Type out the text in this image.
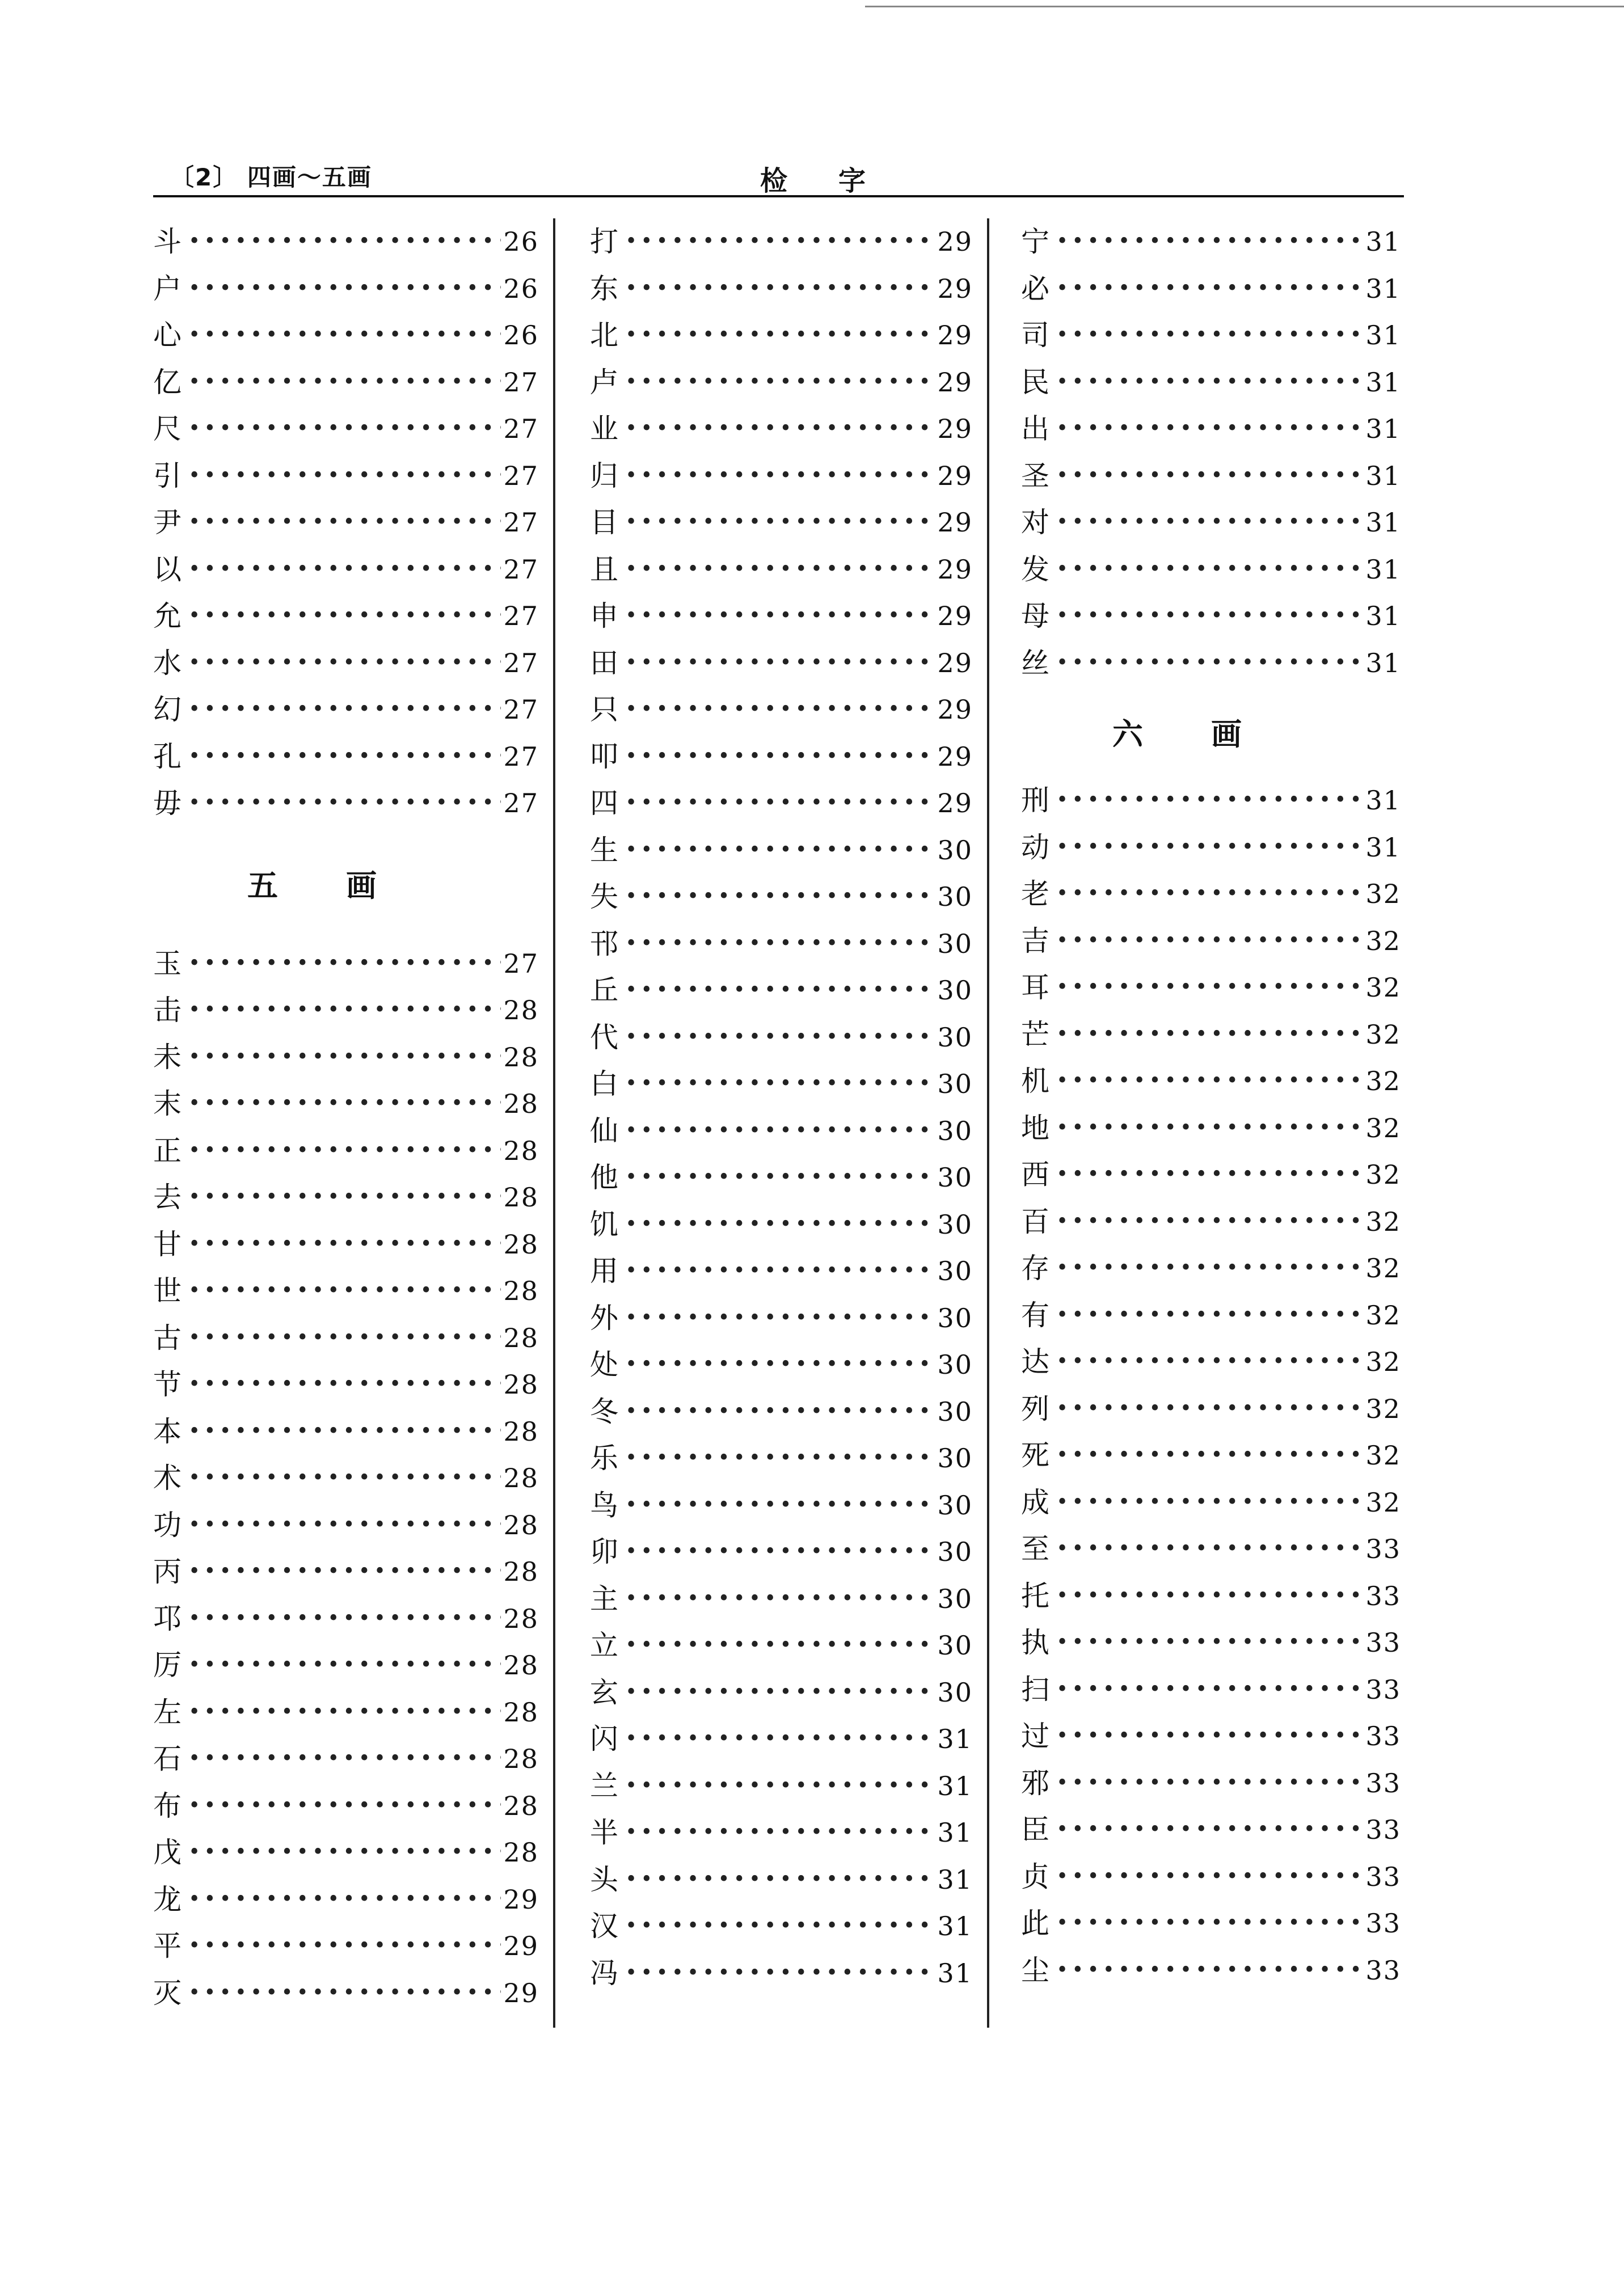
〔2〕 四画～五画	检字
斗 •••••	26
户 •••••	26
心 •••••	26
亿 •••••	27
尺 •••••	27
引 •••••	27
尹 •••••	27
以 •••••	27
允 •••••	27
水 •••••	27
幻 •••••	27
孔 •••••	27
毋 •••••	27
五画
玉 •••••	27
击 •••••	28
未 •••••	28
末 •••••	28
正 •••••	28
去 •••••	28
甘 •••••	28
世 •••••	28
古 •••••	28
节 •••••	28
本 •••••	28
术 •••••	28
功 •••••	28
丙 •••••	28
邛 •••••	28
厉 •••••	28
左 •••••	28
石 •••••	28
布 •••••	28
戊 •••••	28
龙 •••••	29
平 •••••	29
灭 •••••	29
打 •••••	29
东 •••••	29
北 •••••	29
卢 •••••	29
业 •••••	29
归 •••••	29
目 •••••	29
且 •••••	29
申 •••••	29
田 •••••	29
只 •••••	29
叩 •••••	29
四 •••••	29
生 •••••	30
失 •••••	30
邗 •••••	30
丘 •••••	30
代 •••••	30
白 •••••	30
仙 •••••	30
他 •••••	30
饥 •••••	30
用 •••••	30
外 •••••	30
处 •••••	30
冬 •••••	30
乐 •••••	30
鸟 •••••	30
卯 •••••	30
主 •••••	30
立 •••••	30
玄 •••••	30
闪 •••••	31
兰 •••••	31
半 •••••	31
头 •••••	31
汉 •••••	31
冯 •••••	31
宁 •••••	31
必 •••••	31
司 •••••	31
民 •••••	31
出 •••••	31
圣 •••••	31
对 •••••	31
发 •••••	31
母 •••••	31
丝 •••••	31
六画
刑 •••••	31
动 •••••	31
老 •••••	32
吉 •••••	32
耳 •••••	32
芒 •••••	32
机 •••••	32
地 •••••	32
西 •••••	32
百 •••••	32
存 •••••	32
有 •••••	32
达 •••••	32
列 •••••	32
死 •••••	32
成 •••••	32
至 •••••	33
托 •••••	33
执 •••••	33
扫 •••••	33
过 •••••	33
邪 •••••	33
臣 •••••	33
贞 •••••	33
此 •••••	33
尘 •••••	33
